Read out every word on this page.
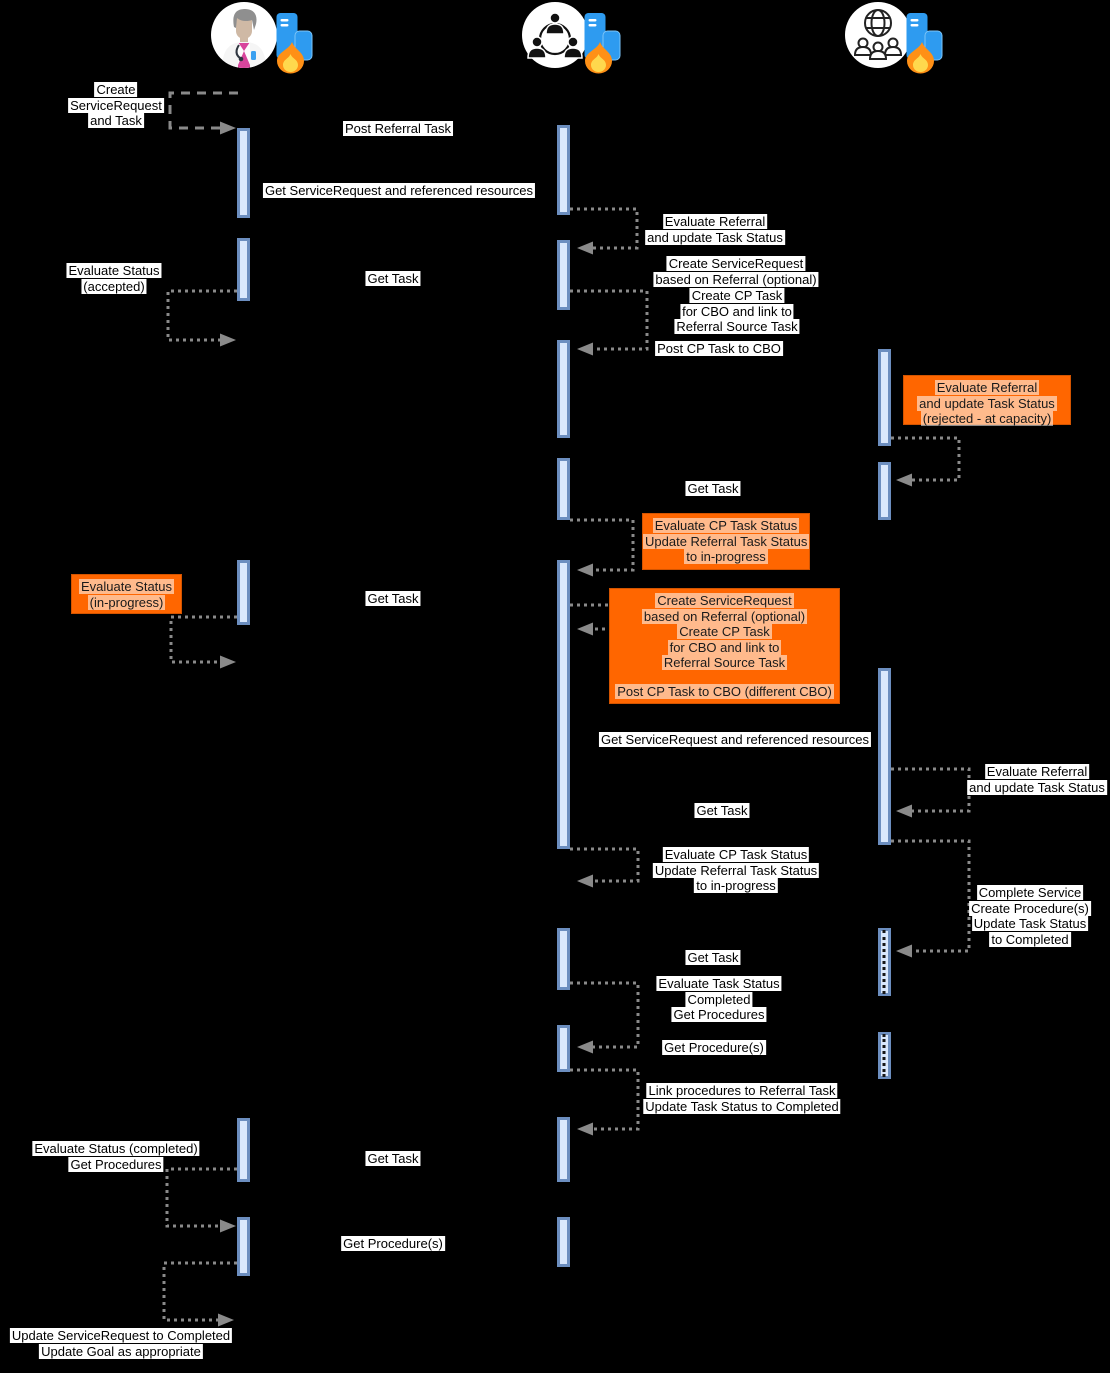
Create
ServiceRequest
and Task
Post Referral Task
Get ServiceRequest and referenced resources
Evaluate Referral
and update Task Status
Evaluate Status
(accepted)	Get Task
Create ServiceRequest
based on Referral (optional)
Create CP Task
for CBO and link to
Referral Source Task
Post CP Task to CBO
Get Task
Get Task
Get ServiceRequest and referenced resources
Evaluate Referral
and update Task Status
Get Task
Evaluate CP Task Status
Update Referral Task Status
to in-progress	Complete Service
Create Procedure(s)
Update Task Status
to Completed
Get Task
Evaluate Task Status
Completed
Get Procedures
Get Procedure(s)
Link procedures to Referral Task
Update Task Status to Completed
Evaluate Status (completed)
Get Procedures	Get Task
Get Procedure(s)
Update ServiceRequest to Completed
Update Goal as appropriate
Evaluate Referral
and update Task Status
(rejected - at capacity)
Evaluate CP Task Status
Update Referral Task Status
to in-progress
Evaluate Status
(in-progress)	Create ServiceRequest
based on Referral (optional)
Create CP Task
for CBO and link to
Referral Source Task
Post CP Task to CBO (different CBO)
